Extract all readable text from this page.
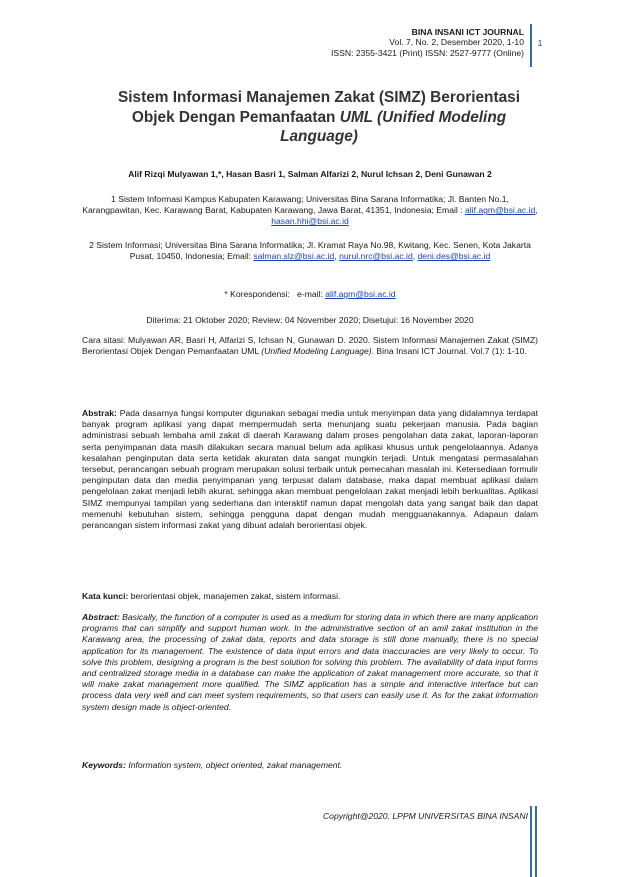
BINA INSANI ICT JOURNAL
Vol. 7, No. 2, Desember 2020, 1-10
ISSN: 2355-3421 (Print) ISSN: 2527-9777 (Online)
1
Sistem Informasi Manajemen Zakat (SIMZ) Berorientasi
Objek Dengan Pemanfaatan UML (Unified Modeling
Language)
Alif Rizqi Mulyawan 1,*, Hasan Basri 1, Salman Alfarizi 2, Nurul Ichsan 2, Deni Gunawan 2
1 Sistem Informasi Kampus Kabupaten Karawang; Universitas Bina Sarana Informatika; Jl. Banten No.1, Karangpawitan, Kec. Karawang Barat, Kabupaten Karawang, Jawa Barat, 41351, Indonesia; Email : alif.agm@bsi.ac.id, hasan.hhi@bsi.ac.id
2 Sistem Informasi; Universitas Bina Sarana Informatika; Jl. Kramat Raya No.98, Kwitang, Kec. Senen, Kota Jakarta Pusat, 10450, Indonesia; Email: salman.slz@bsi.ac.id, nurul.nrc@bsi.ac.id, deni.des@bsi.ac.id
* Korespondensi: e-mail: alif.agm@bsi.ac.id
Diterima: 21 Oktober 2020; Review: 04 November 2020; Disetujui: 16 November 2020
Cara sitasi: Mulyawan AR, Basri H, Alfarizi S, Ichsan N, Gunawan D. 2020. Sistem Informasi Manajemen Zakat (SIMZ) Berorientasi Objek Dengan Pemanfaatan UML (Unified Modeling Language). Bina Insani ICT Journal. Vol.7 (1): 1-10.
Abstrak: Pada dasarnya fungsi komputer digunakan sebagai media untuk menyimpan data yang didalamnya terdapat banyak program aplikasi yang dapat mempermudah serta menunjang suatu pekerjaan manusia. Pada bagian administrasi sebuah lembaha amil zakat di daerah Karawang dalam proses pengolahan data zakat, laporan-laporan serta penyimpanan data masih dilakukan secara manual belum ada aplikasi khusus untuk pengelolaannya. Adanya kesalahan penginputan data serta ketidak akuratan data sangat mungkin terjadi. Untuk mengatasi permasalahan tersebut, perancangan sebuah program merupakan solusi terbaik untuk pemecahan masalah ini. Ketersediaan formulir penginputan data dan media penyimpanan yang terpusat dalam database, maka dapat membuat aplikasi dalam pengelolaan zakat menjadi lebih akurat, sehingga akan membuat pengelolaan zakat menjadi lebih berkualitas. Aplikasi SIMZ mempunyai tampilan yang sederhana dan interaktif namun dapat mengolah data yang sangat baik dan dapat memenuhi kebutuhan sistem, sehingga pengguna dapat dengan mudah mengguanakannya. Adapaun dalam perancangan sistem informasi zakat yang dibuat adalah berorientasi objek.
Kata kunci: berorientasi objek, manajemen zakat, sistem informasi.
Abstract: Basically, the function of a computer is used as a medium for storing data in which there are many application programs that can simplify and support human work. In the administrative section of an amil zakat institution in the Karawang area, the processing of zakat data, reports and data storage is still done manually, there is no special application for its management. The existence of data input errors and data inaccuracies are very likely to occur. To solve this problem, designing a program is the best solution for solving this problem. The availability of data input forms and centralized storage media in a database can make the application of zakat management more accurate, so that it will make zakat management more qualified. The SIMZ application has a simple and interactive interface but can process data very well and can meet system requirements, so that users can easily use it. As for the zakat information system design made is object-oriented.
Keywords: Information system, object oriented, zakat management.
Copyright@2020. LPPM UNIVERSITAS BINA INSANI
